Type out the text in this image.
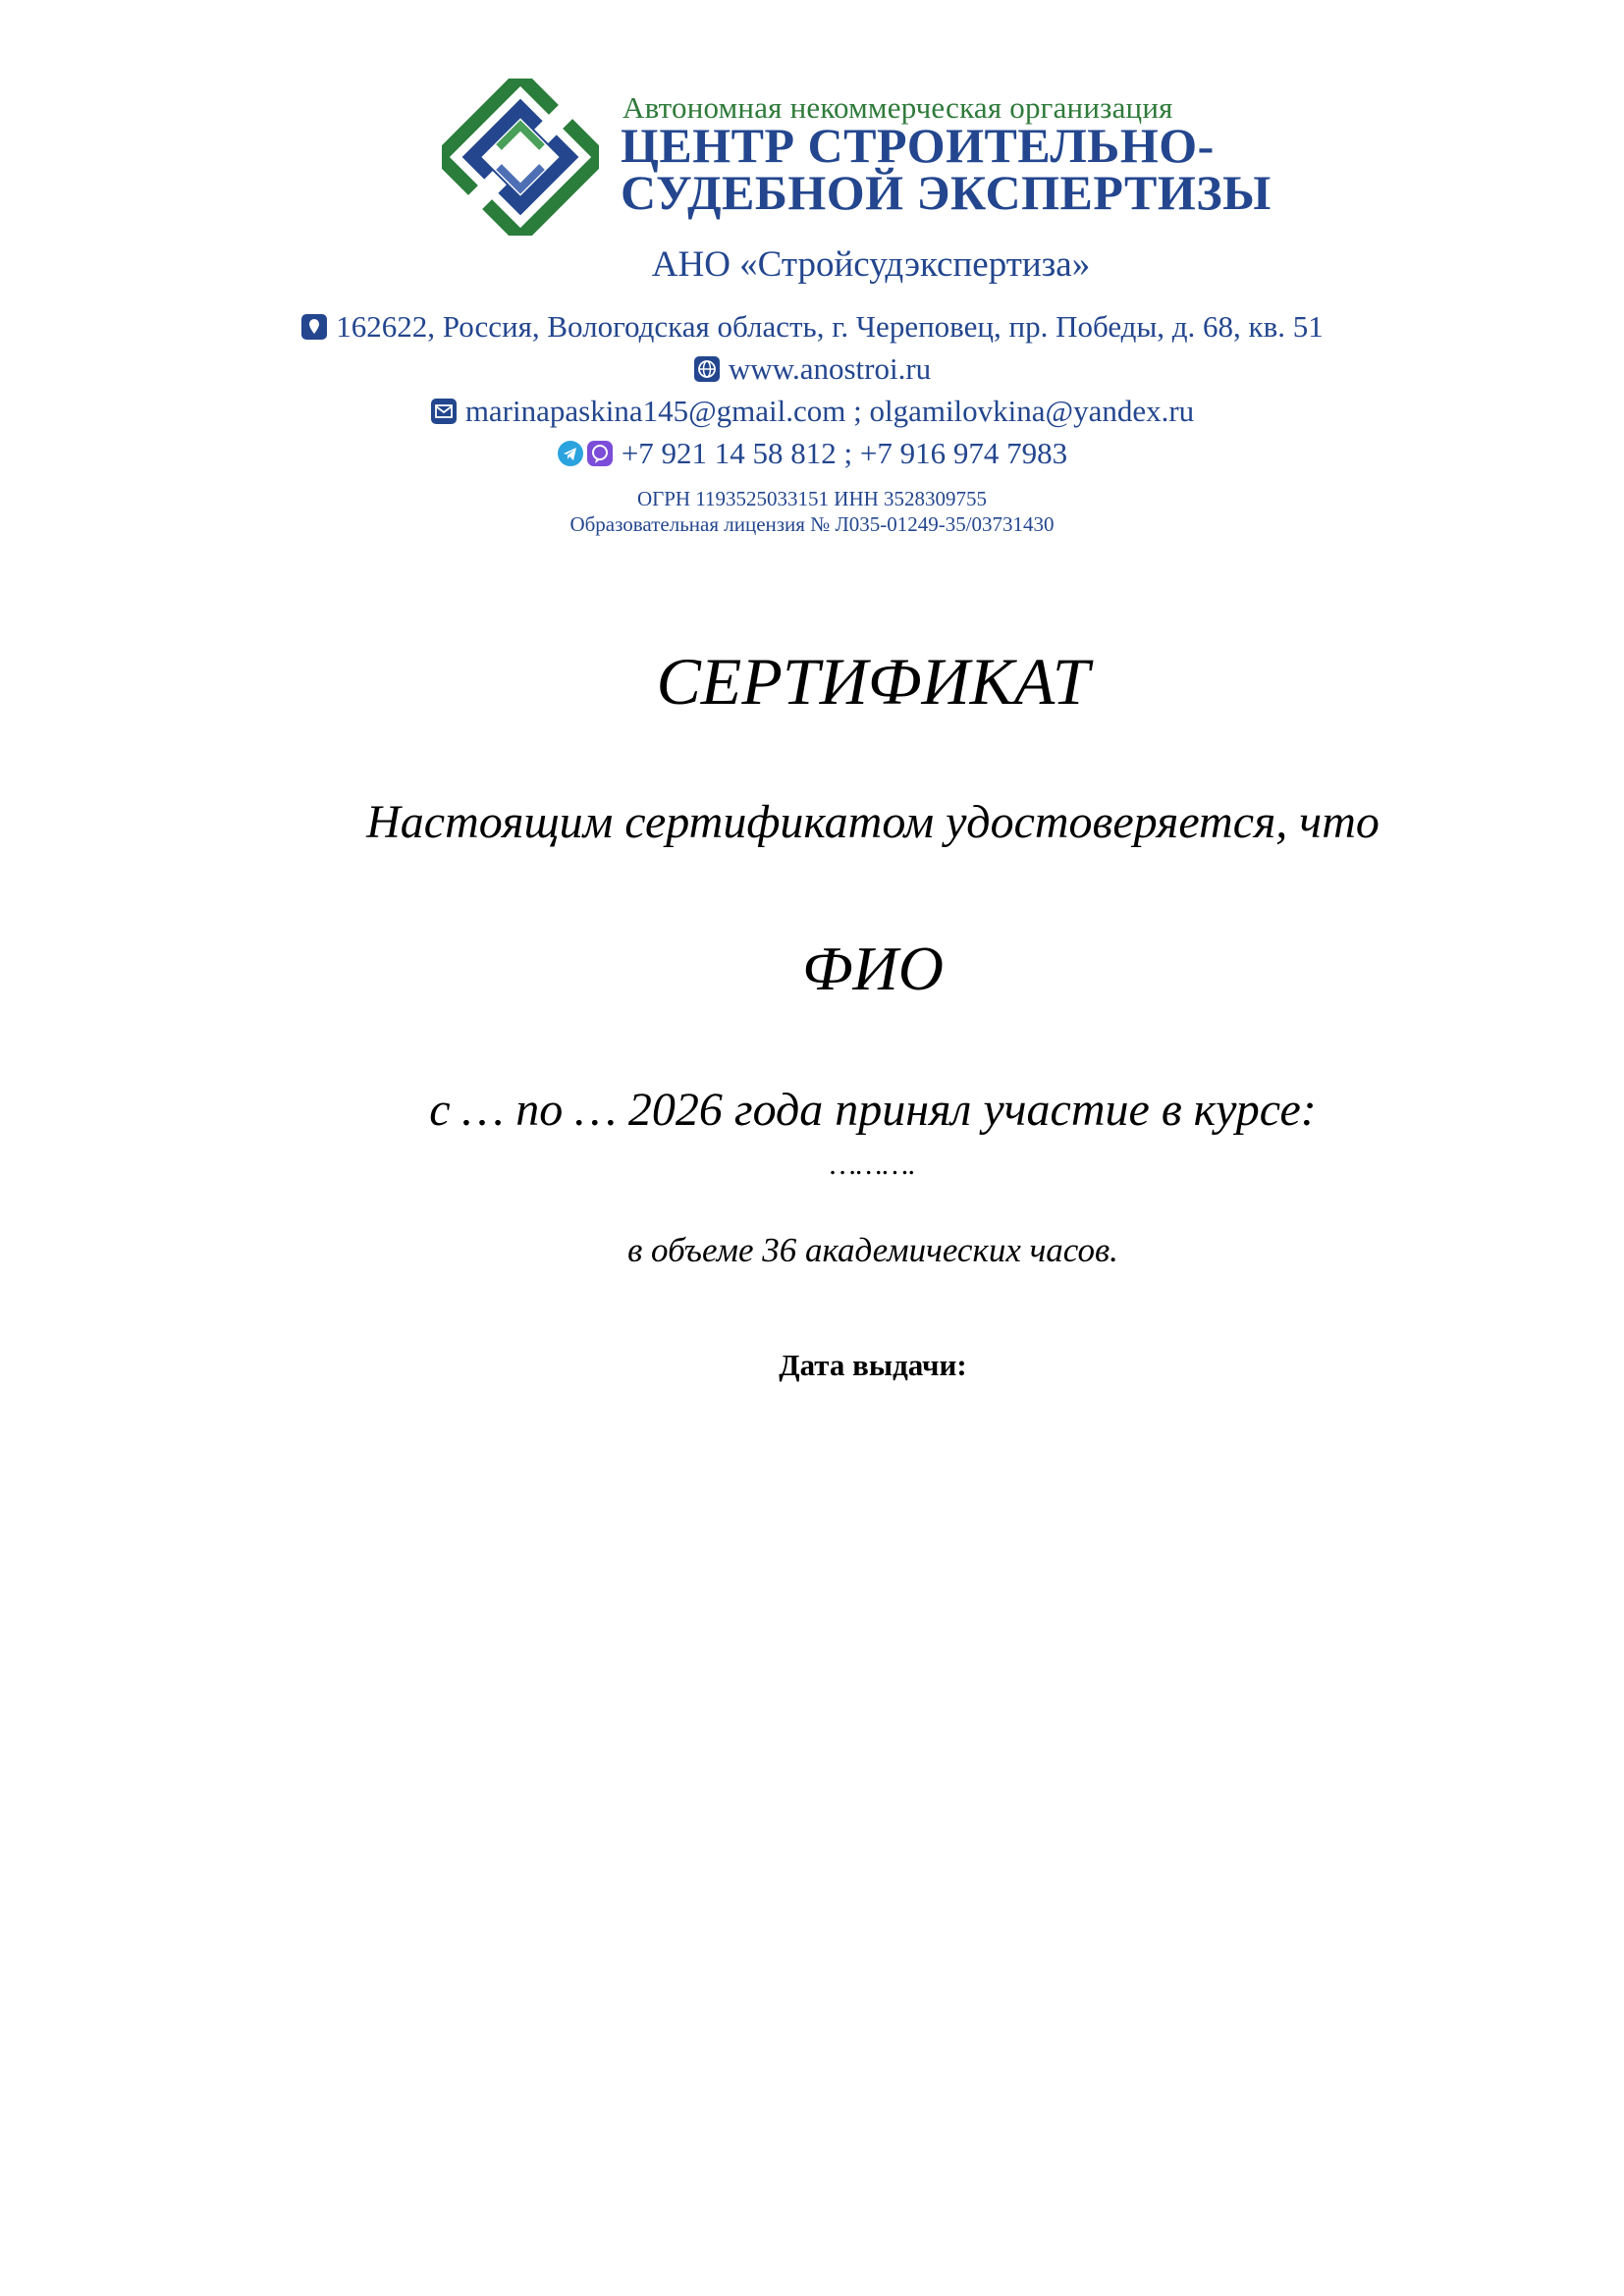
Автономная некоммерческая организация
ЦЕНТР СТРОИТЕЛЬНО-
СУДЕБНОЙ ЭКСПЕРТИЗЫ
АНО «Стройсудэкспертиза»
162622, Россия, Вологодская область, г. Череповец, пр. Победы, д. 68, кв. 51
www.anostroi.ru
marinapaskina145@gmail.com ; olgamilovkina@yandex.ru
+7 921 14 58 812 ; +7 916 974 7983
ОГРН 1193525033151 ИНН 3528309755
Образовательная лицензия № Л035-01249-35/03731430
СЕРТИФИКАТ
Настоящим сертификатом удостоверяется, что
ФИО
с … по … 2026 года принял участие в курсе:
……….
в объеме 36 академических часов.
Дата выдачи:
